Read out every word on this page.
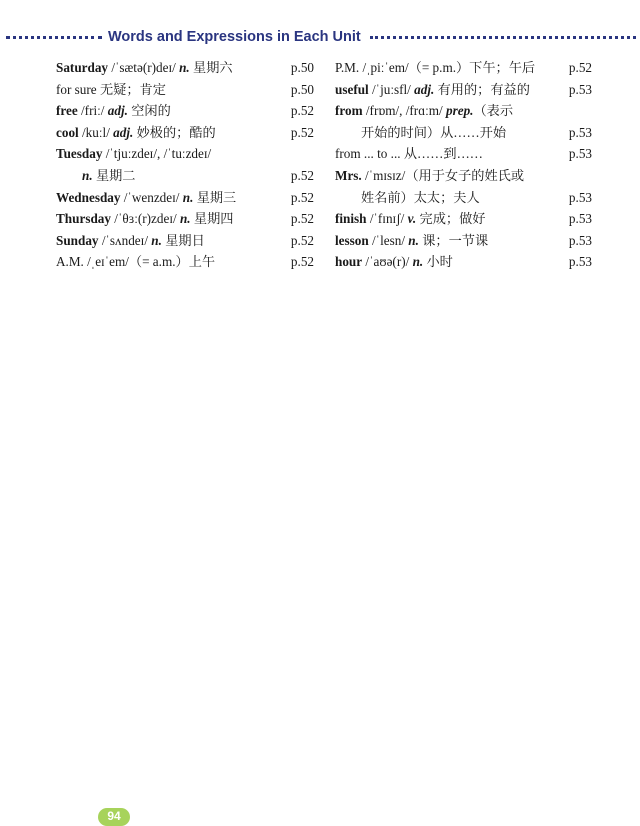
Words and Expressions in Each Unit
Saturday /ˈsætə(r)deɪ/ n. 星期六	p.50
for sure 无疑；肯定	p.50
free /friː/ adj. 空闲的	p.52
cool /kuːl/ adj. 妙极的；酷的	p.52
Tuesday /ˈtjuːzdeɪ/, /ˈtuːzdeɪ/
n. 星期二	p.52
Wednesday /ˈwenzdeɪ/ n. 星期三	p.52
Thursday /ˈθɜː(r)zdeɪ/ n. 星期四	p.52
Sunday /ˈsʌndeɪ/ n. 星期日	p.52
A.M. /ˌeɪˈem/（= a.m.）上午	p.52
P.M. /ˌpiːˈem/（= p.m.）下午；午后	p.52
useful /ˈjuːsfl/ adj. 有用的；有益的	p.53
from /frɒm/, /frɑːm/ prep.（表示
开始的时间）从……开始	p.53
from ... to ... 从……到……	p.53
Mrs. /ˈmɪsɪz/（用于女子的姓氏或
姓名前）太太；夫人	p.53
finish /ˈfɪnɪʃ/ v. 完成；做好	p.53
lesson /ˈlesn/ n. 课；一节课	p.53
hour /ˈaʊə(r)/ n. 小时	p.53
94
